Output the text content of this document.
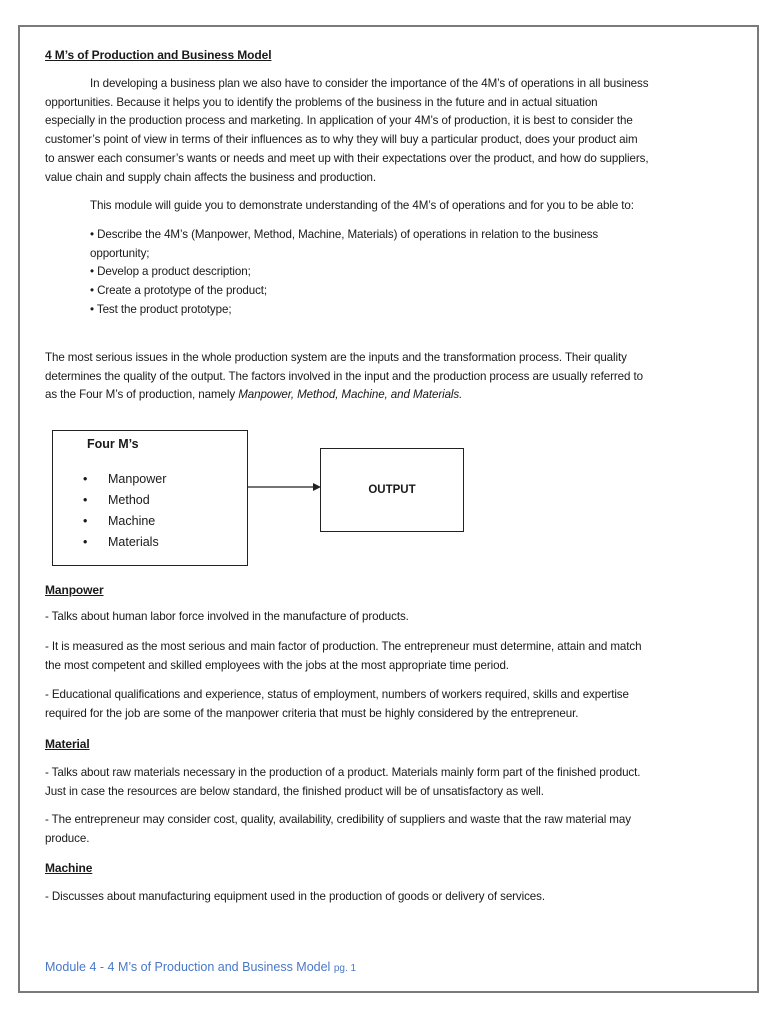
4 M’s of Production and Business Model
In developing a business plan we also have to consider the importance of the 4M’s of operations in all business
opportunities. Because it helps you to identify the problems of the business in the future and in actual situation
especially in the production process and marketing. In application of your 4M’s of production, it is best to consider the
customer’s point of view in terms of their influences as to why they will buy a particular product, does your product aim
to answer each consumer’s wants or needs and meet up with their expectations over the product, and how do suppliers,
value chain and supply chain affects the business and production.
This module will guide you to demonstrate understanding of the 4M’s of operations and for you to be able to:
• Describe the 4M’s (Manpower, Method, Machine, Materials) of operations in relation to the business
opportunity;
• Develop a product description;
• Create a prototype of the product;
• Test the product prototype;
The most serious issues in the whole production system are the inputs and the transformation process. Their quality
determines the quality of the output. The factors involved in the input and the production process are usually referred to
as the Four M’s of production, namely Manpower, Method, Machine, and Materials.
Four M’s
• Manpower
• Method
• Machine
• Materials
OUTPUT
Manpower
- Talks about human labor force involved in the manufacture of products.
- It is measured as the most serious and main factor of production. The entrepreneur must determine, attain and match
the most competent and skilled employees with the jobs at the most appropriate time period.
- Educational qualifications and experience, status of employment, numbers of workers required, skills and expertise
required for the job are some of the manpower criteria that must be highly considered by the entrepreneur.
Material
- Talks about raw materials necessary in the production of a product. Materials mainly form part of the finished product.
Just in case the resources are below standard, the finished product will be of unsatisfactory as well.
- The entrepreneur may consider cost, quality, availability, credibility of suppliers and waste that the raw material may
produce.
Machine
- Discusses about manufacturing equipment used in the production of goods or delivery of services.
Module 4 - 4 M’s of Production and Business Model pg. 1
